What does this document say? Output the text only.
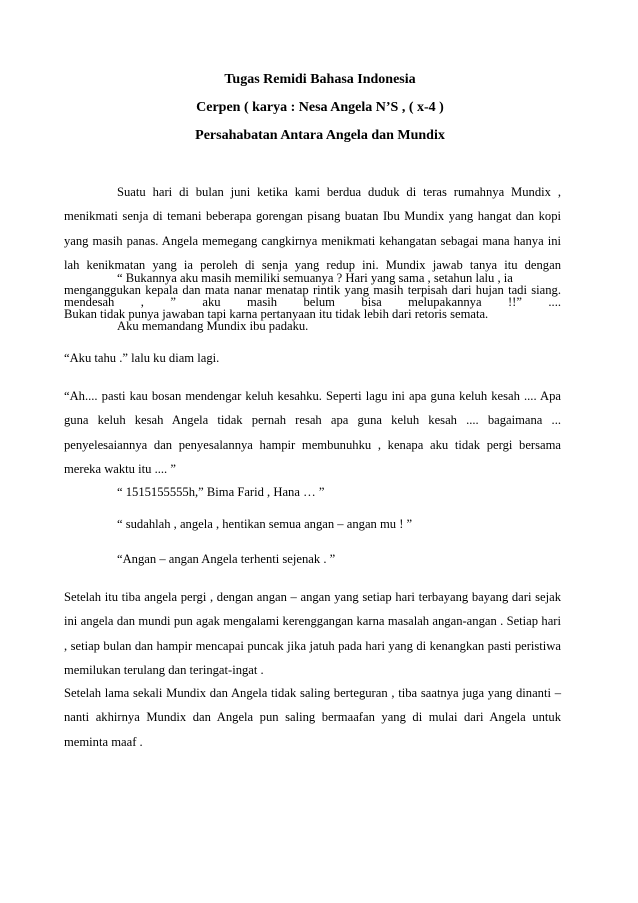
Tugas Remidi Bahasa Indonesia
Cerpen ( karya : Nesa Angela N’S , ( x-4 )
Persahabatan Antara Angela dan Mundix
Suatu hari di bulan juni ketika kami berdua duduk di teras rumahnya Mundix , menikmati senja di temani beberapa gorengan pisang buatan Ibu Mundix yang hangat dan kopi yang masih panas. Angela memegang cangkirnya menikmati kehangatan sebagai mana hanya ini lah kenikmatan yang ia peroleh di senja yang redup ini. Mundix jawab tanya itu dengan menganggukan kepala dan mata nanar menatap rintik yang masih terpisah dari hujan tadi siang. Bukan tidak punya jawaban tapi karna pertanyaan itu tidak lebih dari retoris semata.
“ Bukannya aku masih memiliki semuanya ? Hari yang sama , setahun lalu , ia
mendesah , ” aku masih belum bisa melupakannya !!” ....
Aku memandang Mundix ibu padaku.
“Aku tahu .” lalu ku diam lagi.
“Ah.... pasti kau bosan mendengar keluh kesahku. Seperti lagu ini apa guna keluh kesah .... Apa guna keluh kesah Angela tidak pernah resah apa guna keluh kesah .... bagaimana ... penyelesaiannya dan penyesalannya hampir membunuhku , kenapa aku tidak pergi bersama mereka waktu itu .... ”
“ 1515155555h,” Bima Farid , Hana … ”
“ sudahlah , angela , hentikan semua angan – angan mu ! ”
“Angan – angan Angela terhenti sejenak . ”
Setelah itu tiba angela pergi , dengan angan – angan yang setiap hari terbayang bayang dari sejak ini angela dan mundi pun agak mengalami kerenggangan karna masalah angan-angan . Setiap hari , setiap bulan dan hampir mencapai puncak jika jatuh pada hari yang di kenangkan pasti peristiwa memilukan terulang dan teringat-ingat .
Setelah lama sekali Mundix dan Angela tidak saling berteguran , tiba saatnya juga yang dinanti – nanti akhirnya Mundix dan Angela pun saling bermaafan yang di mulai dari Angela untuk meminta maaf .
